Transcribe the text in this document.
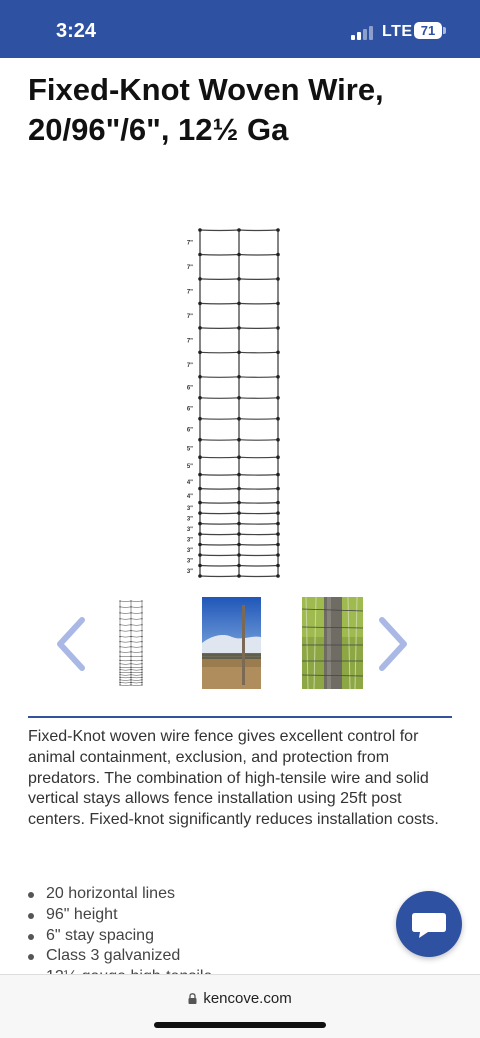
3:24	LTE 71
Fixed-Knot Woven Wire, 20/96"/6", 12½ Ga
7"
7"
7"
7"
7"
7"
6"
6"
6"
5"
5"
4"
4"
3"
3"
3"
3"
3"
3"
3"

Fixed-Knot woven wire fence gives excellent control for animal containment, exclusion, and protection from predators. The combination of high-tensile wire and solid vertical stays allows fence installation using 25ft post centers. Fixed-knot significantly reduces installation costs.

20 horizontal lines
96" height
6" stay spacing
Class 3 galvanized
kencove.com
